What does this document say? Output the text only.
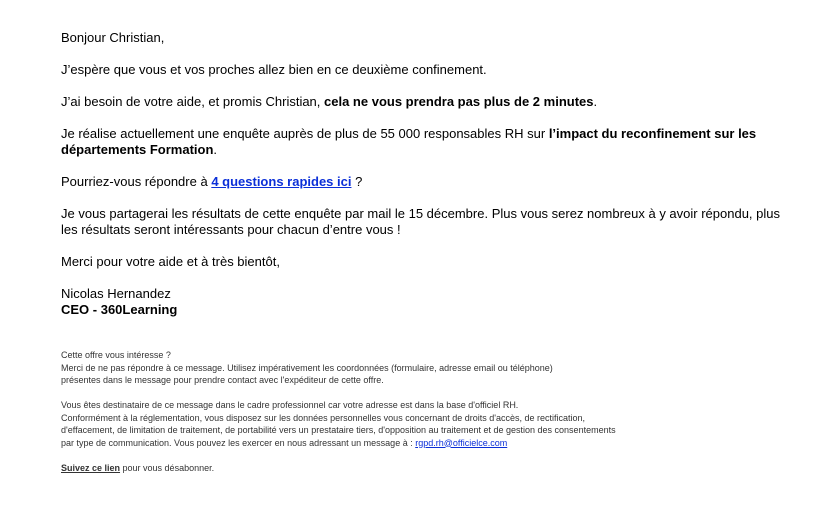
Bonjour Christian,

J’espère que vous et vos proches allez bien en ce deuxième confinement.

J’ai besoin de votre aide, et promis Christian, cela ne vous prendra pas plus de 2 minutes.

Je réalise actuellement une enquête auprès de plus de 55 000 responsables RH sur l’impact du reconfinement sur les départements Formation.

Pourriez-vous répondre à 4 questions rapides ici ?

Je vous partagerai les résultats de cette enquête par mail le 15 décembre. Plus vous serez nombreux à y avoir répondu, plus les résultats seront intéressants pour chacun d’entre vous !

Merci pour votre aide et à très bientôt,

Nicolas Hernandez
CEO - 360Learning

Cette offre vous intéresse ?
Merci de ne pas répondre à ce message. Utilisez impérativement les coordonnées (formulaire, adresse email ou téléphone)
présentes dans le message pour prendre contact avec l'expéditeur de cette offre.

Vous êtes destinataire de ce message dans le cadre professionnel car votre adresse est dans la base d'officiel RH.
Conformément à la réglementation, vous disposez sur les données personnelles vous concernant de droits d'accès, de rectification,
d'effacement, de limitation de traitement, de portabilité vers un prestataire tiers, d'opposition au traitement et de gestion des consentements
par type de communication. Vous pouvez les exercer en nous adressant un message à : rgpd.rh@officielce.com

Suivez ce lien pour vous désabonner.
